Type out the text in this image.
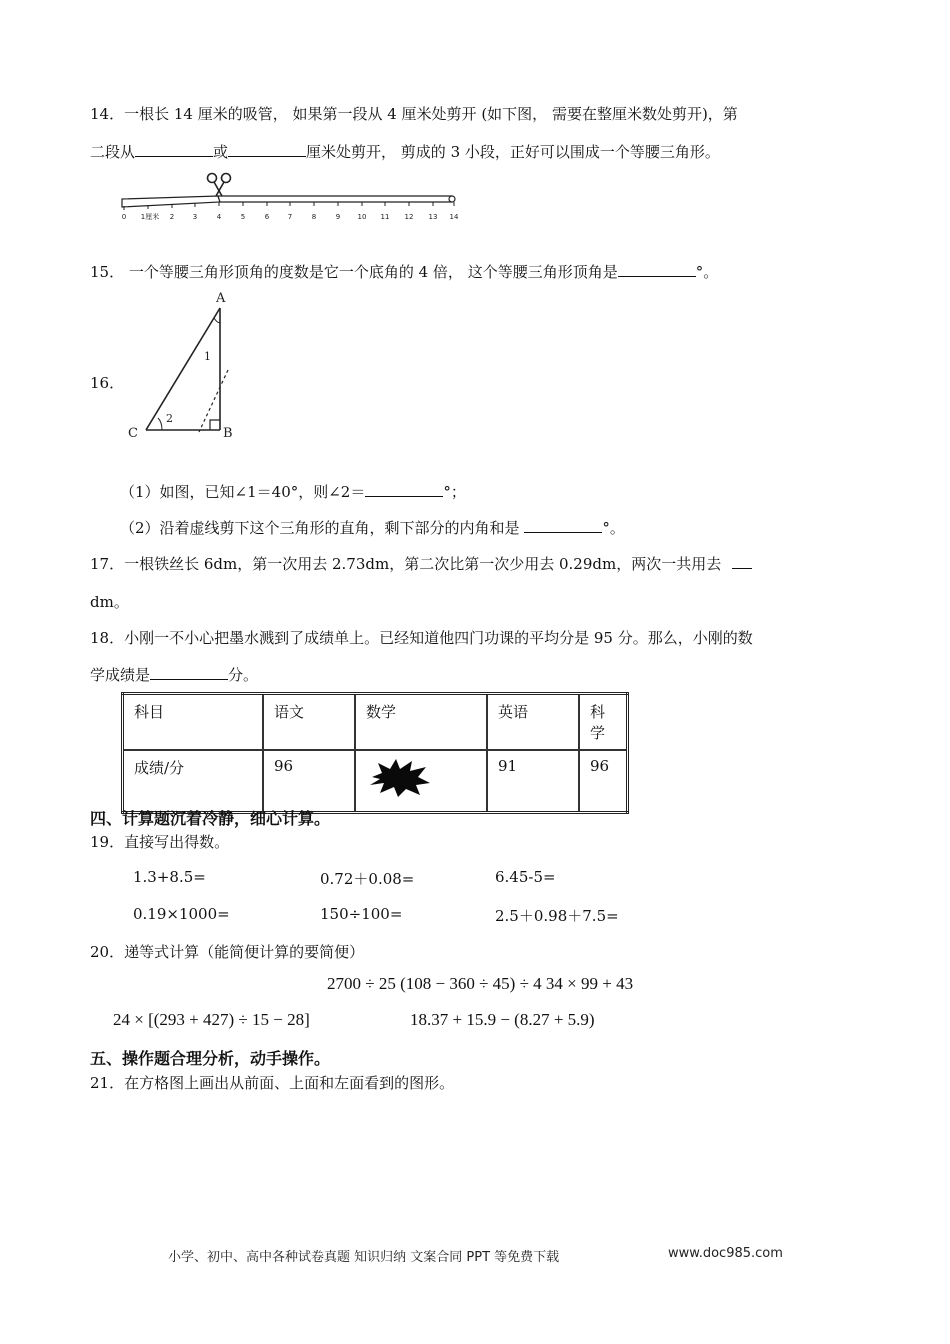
14．一根长 14 厘米的吸管， 如果第一段从 4 厘米处剪开 (如下图， 需要在整厘米数处剪开)，第
二段从	或	厘米处剪开， 剪成的 3 小段，正好可以围成一个等腰三角形。
0 1厘米 2	3	4	5	6	7	8	9 10 11 12 13 14
15． 一个等腰三角形顶角的度数是它一个底角的 4 倍， 这个等腰三角形顶角是	°。
16．
A
B
C
1
2
（1）如图，已知∠1＝40°，则∠2＝	°；
（2）沿着虚线剪下这个三角形的直角，剩下部分的内角和是	°。
17．一根铁丝长 6dm，第一次用去 2.73dm，第二次比第一次少用去 0.29dm，两次一共用去
dm。
18．小刚一不小心把墨水溅到了成绩单上。已经知道他四门功课的平均分是 95 分。那么，小刚的数
学成绩是	分。
科目	语文	数学	英语	科学
成绩/分	96		91	96
四、计算题沉着冷静，细心计算。
19．直接写出得数。
1.3+8.5=	0.72＋0.08=	6.45-5=
0.19×1000=	150÷100=	2.5＋0.98＋7.5=
20．递等式计算（能简便计算的要简便）
2700 ÷ 25 (108 − 360 ÷ 45) ÷ 4 34 × 99 + 43
24 × [(293 + 427) ÷ 15 − 28]	18.37 + 15.9 − (8.27 + 5.9)
五、操作题合理分析，动手操作。
21．在方格图上画出从前面、上面和左面看到的图形。
小学、初中、高中各种试卷真题 知识归纳 文案合同 PPT 等免费下载	www.doc985.com
